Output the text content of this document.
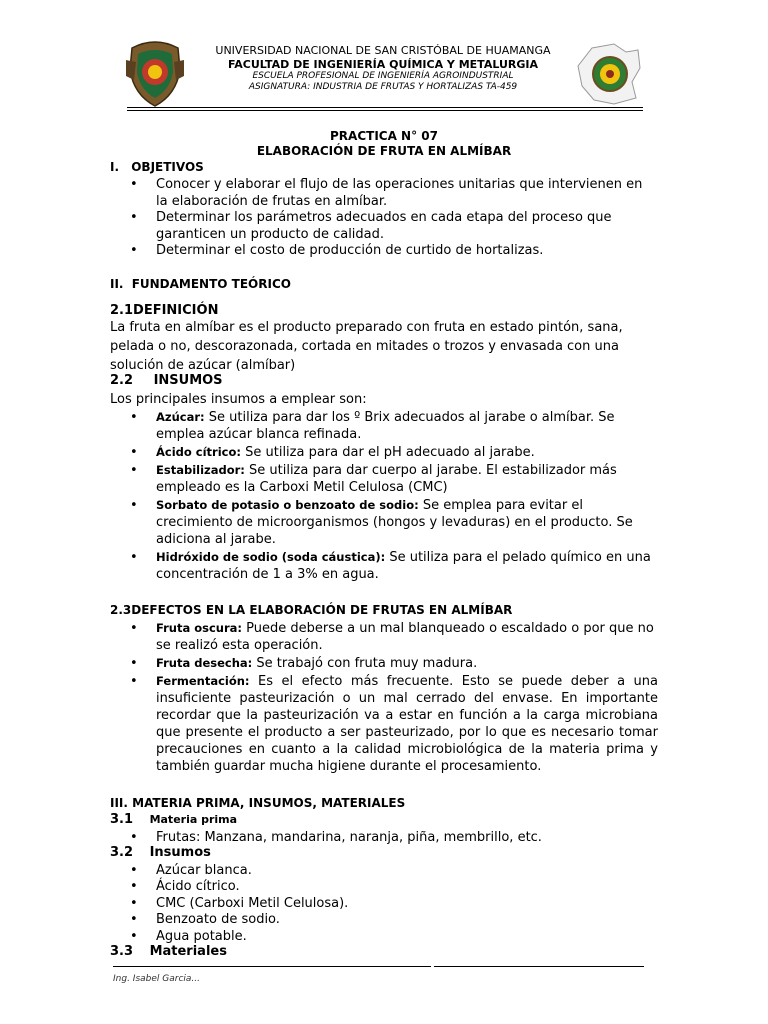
UNIVERSIDAD NACIONAL DE SAN CRISTÓBAL DE HUAMANGA
FACULTAD DE INGENIERÍA QUÍMICA Y METALURGIA
ESCUELA PROFESIONAL DE INGENIERÍA AGROINDUSTRIAL
ASIGNATURA: INDUSTRIA DE FRUTAS Y HORTALIZAS TA-459
PRACTICA N° 07
ELABORACIÓN DE FRUTA EN ALMÍBAR
I. OBJETIVOS
• Conocer y elaborar el flujo de las operaciones unitarias que intervienen en la elaboración de frutas en almíbar.
• Determinar los parámetros adecuados en cada etapa del proceso que garanticen un producto de calidad.
• Determinar el costo de producción de curtido de hortalizas.
II. FUNDAMENTO TEÓRICO
2.1DEFINICIÓN
La fruta en almíbar es el producto preparado con fruta en estado pintón, sana, pelada o no, descorazonada, cortada en mitades o trozos y envasada con una solución de azúcar (almíbar)
2.2 INSUMOS
Los principales insumos a emplear son:
• Azúcar: Se utiliza para dar los º Brix adecuados al jarabe o almíbar. Se emplea azúcar blanca refinada.
• Ácido cítrico: Se utiliza para dar el pH adecuado al jarabe.
• Estabilizador: Se utiliza para dar cuerpo al jarabe. El estabilizador más empleado es la Carboxi Metil Celulosa (CMC)
• Sorbato de potasio o benzoato de sodio: Se emplea para evitar el crecimiento de microorganismos (hongos y levaduras) en el producto. Se adiciona al jarabe.
• Hidróxido de sodio (soda cáustica): Se utiliza para el pelado químico en una concentración de 1 a 3% en agua.
2.3DEFECTOS EN LA ELABORACIÓN DE FRUTAS EN ALMÍBAR
• Fruta oscura: Puede deberse a un mal blanqueado o escaldado o por que no se realizó esta operación.
• Fruta desecha: Se trabajó con fruta muy madura.
• Fermentación: Es el efecto más frecuente. Esto se puede deber a una insuficiente pasteurización o un mal cerrado del envase. En importante recordar que la pasteurización va a estar en función a la carga microbiana que presente el producto a ser pasteurizado, por lo que es necesario tomar precauciones en cuanto a la calidad microbiológica de la materia prima y también guardar mucha higiene durante el procesamiento.
III. MATERIA PRIMA, INSUMOS, MATERIALES
3.1 Materia prima
• Frutas: Manzana, mandarina, naranja, piña, membrillo, etc.
3.2 Insumos
• Azúcar blanca.
• Ácido cítrico.
• CMC (Carboxi Metil Celulosa).
• Benzoato de sodio.
• Agua potable.
3.3 Materiales
Ing. Isabel Garcia...
